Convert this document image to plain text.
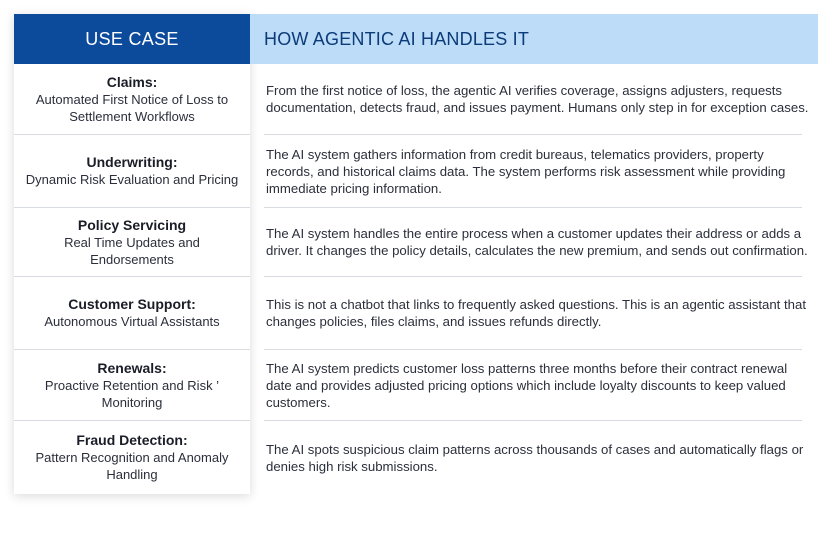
USE CASE	HOW AGENTIC AI HANDLES IT
Claims:
Automated First Notice of Loss to Settlement Workflows
From the first notice of loss, the agentic AI verifies coverage, assigns adjusters, requests documentation, detects fraud, and issues payment. Humans only step in for exception cases.
Underwriting:
Dynamic Risk Evaluation and Pricing
The AI system gathers information from credit bureaus, telematics providers, property records, and historical claims data. The system performs risk assessment while providing immediate pricing information.
Policy Servicing
Real Time Updates and Endorsements
The AI system handles the entire process when a customer updates their address or adds a driver. It changes the policy details, calculates the new premium, and sends out confirmation.
Customer Support:
Autonomous Virtual Assistants
This is not a chatbot that links to frequently asked questions. This is an agentic assistant that changes policies, files claims, and issues refunds directly.
Renewals:
Proactive Retention and Risk ’ Monitoring
The AI system predicts customer loss patterns three months before their contract renewal date and provides adjusted pricing options which include loyalty discounts to keep valued customers.
Fraud Detection:
Pattern Recognition and Anomaly Handling
The AI spots suspicious claim patterns across thousands of cases and automatically flags or denies high risk submissions.
